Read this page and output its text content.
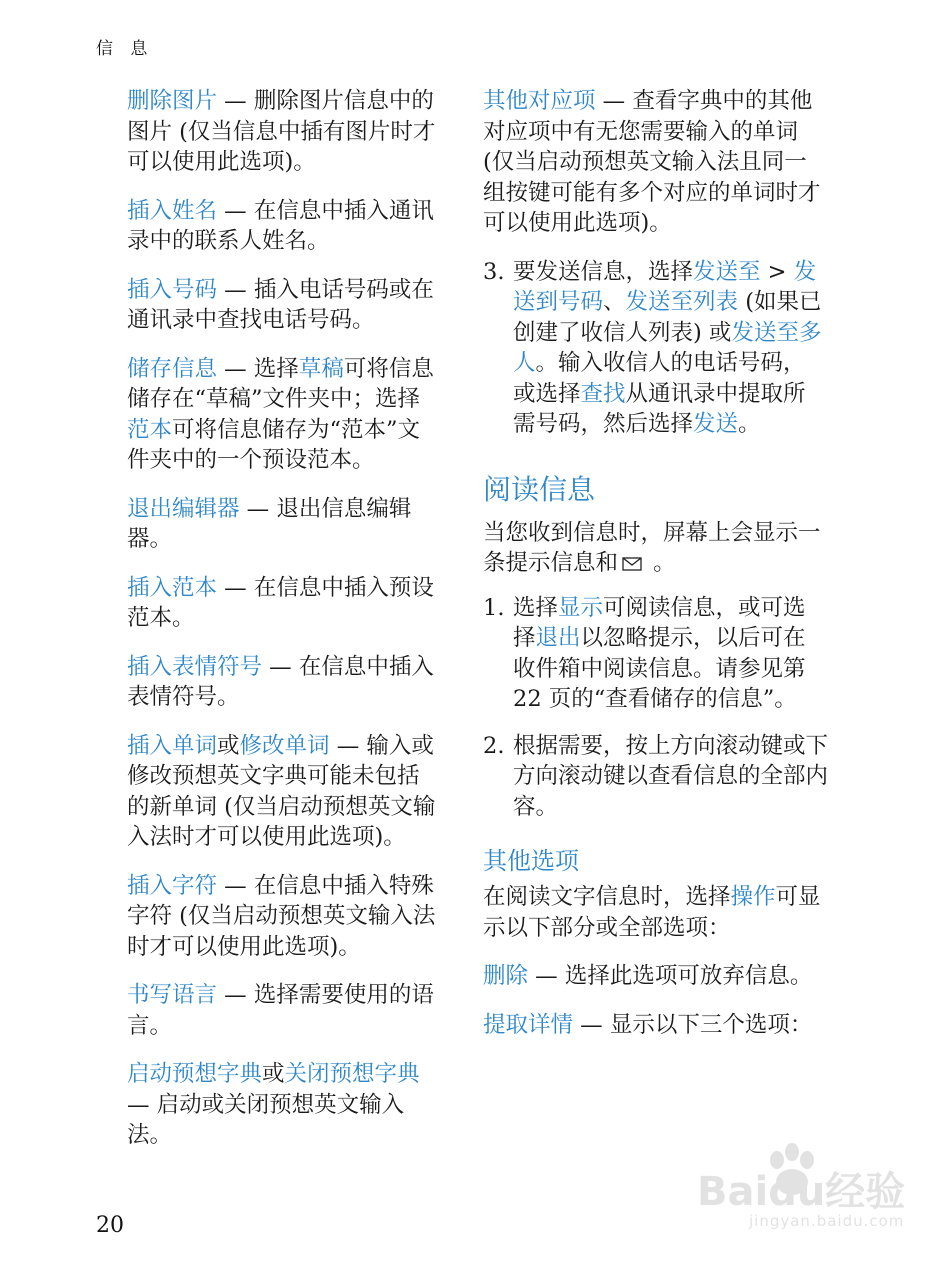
信 息
删除图片 — 删除图片信息中的图片 (仅当信息中插有图片时才可以使用此选项)。
插入姓名 — 在信息中插入通讯录中的联系人姓名。
插入号码 — 插入电话号码或在通讯录中查找电话号码。
储存信息 — 选择草稿可将信息储存在“草稿”文件夹中；选择范本可将信息储存为“范本”文件夹中的一个预设范本。
退出编辑器 — 退出信息编辑器。
插入范本 — 在信息中插入预设范本。
插入表情符号 — 在信息中插入表情符号。
插入单词或修改单词 — 输入或修改预想英文字典可能未包括的新单词 (仅当启动预想英文输入法时才可以使用此选项)。
插入字符 — 在信息中插入特殊字符 (仅当启动预想英文输入法时才可以使用此选项)。
书写语言 — 选择需要使用的语言。
启动预想字典或关闭预想字典 — 启动或关闭预想英文输入法。
其他对应项 — 查看字典中的其他对应项中有无您需要输入的单词 (仅当启动预想英文输入法且同一组按键可能有多个对应的单词时才可以使用此选项)。
3. 要发送信息，选择发送至 > 发送到号码、发送至列表 (如果已创建了收信人列表) 或发送至多人。输入收信人的电话号码，或选择查找从通讯录中提取所需号码，然后选择发送。
阅读信息
当您收到信息时，屏幕上会显示一条提示信息和 。
1. 选择显示可阅读信息，或可选择退出以忽略提示，以后可在收件箱中阅读信息。请参见第 22 页的“查看储存的信息”。
2. 根据需要，按上方向滚动键或下方向滚动键以查看信息的全部内容。
其他选项
在阅读文字信息时，选择操作可显示以下部分或全部选项：
删除 — 选择此选项可放弃信息。
提取详情 — 显示以下三个选项：
20
Baidu经验
jingyan.baidu.com
